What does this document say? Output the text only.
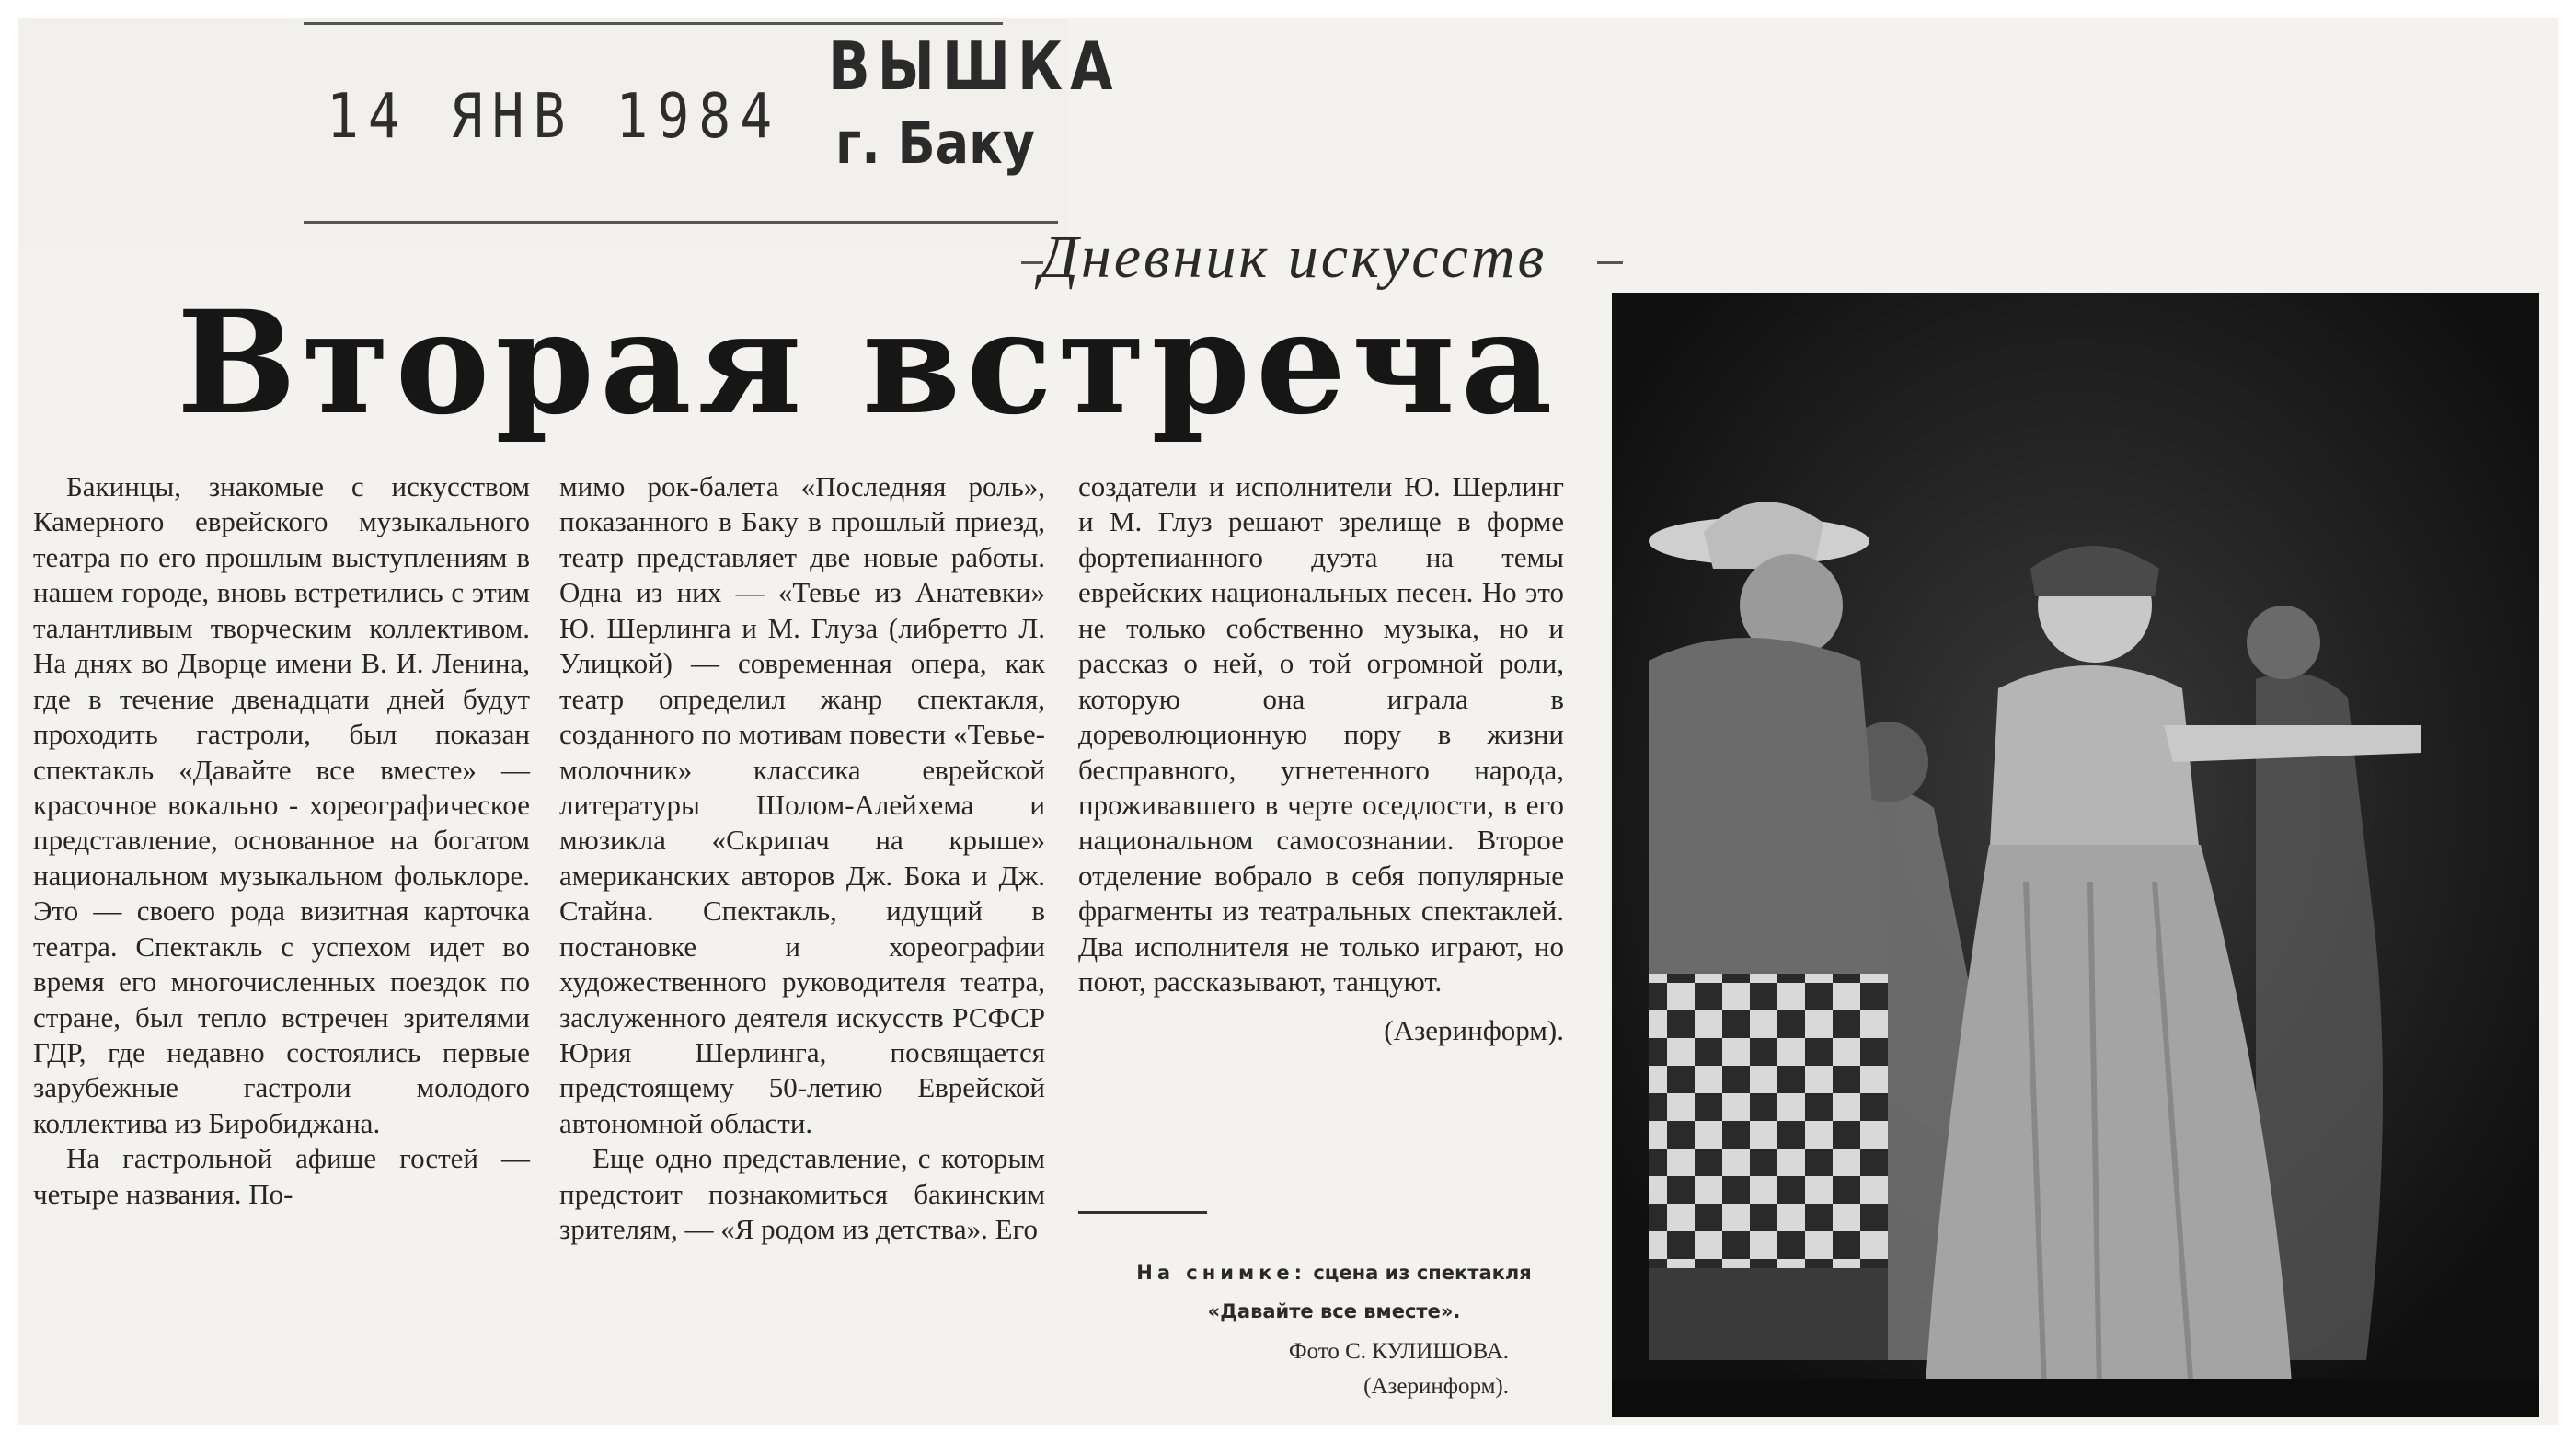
14 ЯНВ 1984
ВЫШКА
г. Баку
Дневник искусств
Вторая встреча

Бакинцы, знакомые с искусством Камерного еврейского музыкального театра по его прошлым выступлениям в нашем городе, вновь встретились с этим талантливым творческим коллективом. На днях во Дворце имени В. И. Ленина, где в течение двенадцати дней будут проходить гастроли, был показан спектакль «Давайте все вместе» — красочное вокально - хореографическое представление, основанное на богатом национальном музыкальном фольклоре. Это — своего рода визитная карточка театра. Спектакль с успехом идет во время его многочисленных поездок по стране, был тепло встречен зрителями ГДР, где недавно состоялись первые зарубежные гастроли молодого коллектива из Биробиджана.

На гастрольной афише гостей — четыре названия. По-

мимо рок-балета «Последняя роль», показанного в Баку в прошлый приезд, театр представляет две новые работы. Одна из них — «Тевье из Анатевки» Ю. Шерлинга и М. Глуза (либретто Л. Улицкой) — современная опера, как театр определил жанр спектакля, созданного по мотивам повести «Тевье-молочник» классика еврейской литературы Шолом-Алейхема и мюзикла «Скрипач на крыше» американских авторов Дж. Бока и Дж. Стайна. Спектакль, идущий в постановке и хореографии художественного руководителя театра, заслуженного деятеля искусств РСФСР Юрия Шерлинга, посвящается предстоящему 50-летию Еврейской автономной области.

Еще одно представление, с которым предстоит познакомиться бакинским зрителям, — «Я родом из детства». Его

создатели и исполнители Ю. Шерлинг и М. Глуз решают зрелище в форме фортепианного дуэта на темы еврейских национальных песен. Но это не только собственно музыка, но и рассказ о ней, о той огромной роли, которую она играла в дореволюционную пору в жизни бесправного, угнетенного народа, проживавшего в черте оседлости, в его национальном самосознании. Второе отделение вобрало в себя популярные фрагменты из театральных спектаклей. Два исполнителя не только играют, но поют, рассказывают, танцуют.

(Азеринформ).
На снимке: сцена из спектакля «Давайте все вместе».
Фото С. КУЛИШОВА.
(Азеринформ).
